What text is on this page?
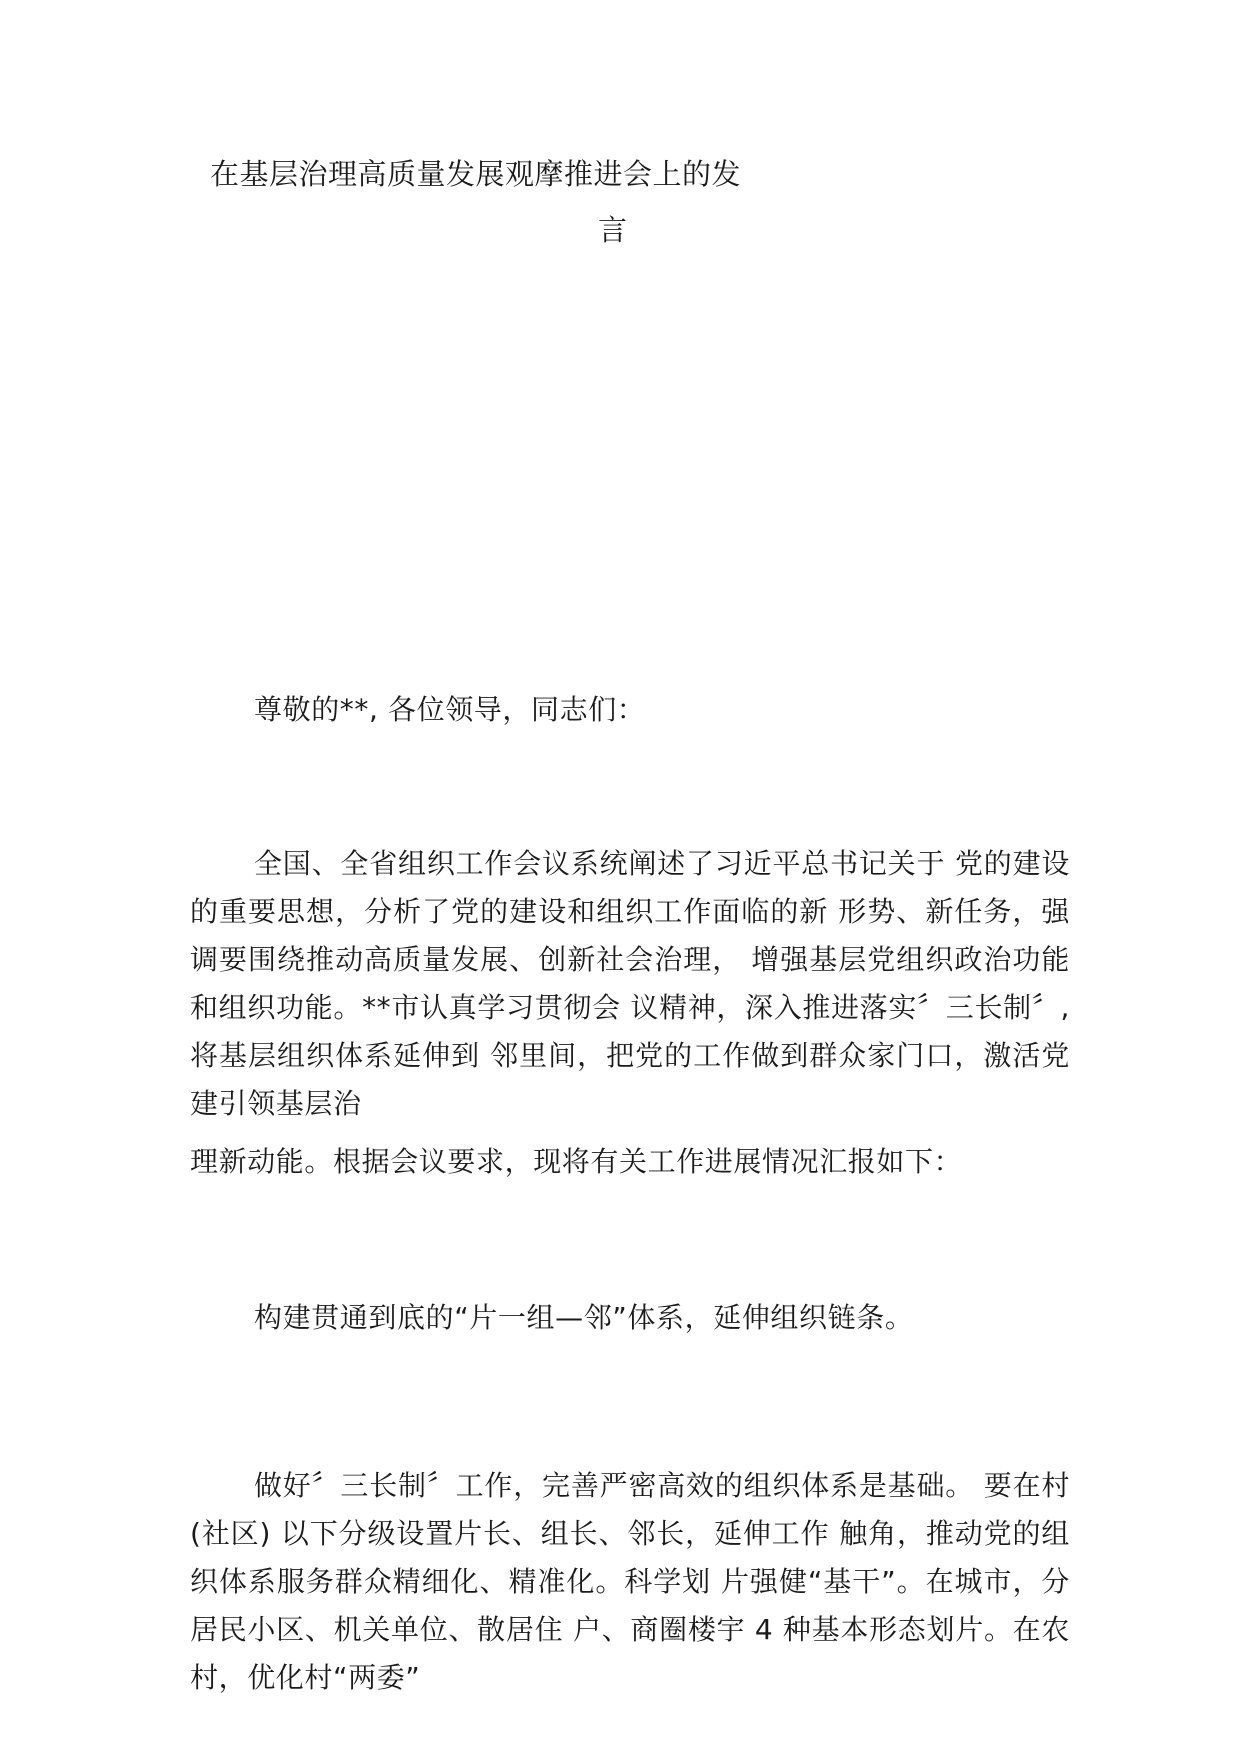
在基层治理高质量发展观摩推进会上的发
言
尊敬的**, 各位领导，同志们：
全国、全省组织工作会议系统阐述了习近平总书记关于 党的建设的重要思想，分析了党的建设和组织工作面临的新 形势、新任务，强调要围绕推动高质量发展、创新社会治理， 增强基层党组织政治功能和组织功能。**市认真学习贯彻会 议精神，深入推进落实〞三长制〞, 将基层组织体系延伸到 邻里间，把党的工作做到群众家门口，激活党建引领基层治
理新动能。根据会议要求，现将有关工作进展情况汇报如下：
构建贯通到底的“片一组—邻”体系，延伸组织链条。
做好〞三长制〞工作，完善严密高效的组织体系是基础。 要在村(社区) 以下分级设置片长、组长、邻长，延伸工作 触角，推动党的组织体系服务群众精细化、精准化。科学划 片强健“基干”。在城市，分居民小区、机关单位、散居住 户、商圈楼宇 4 种基本形态划片。在农村，优化村“两委”
